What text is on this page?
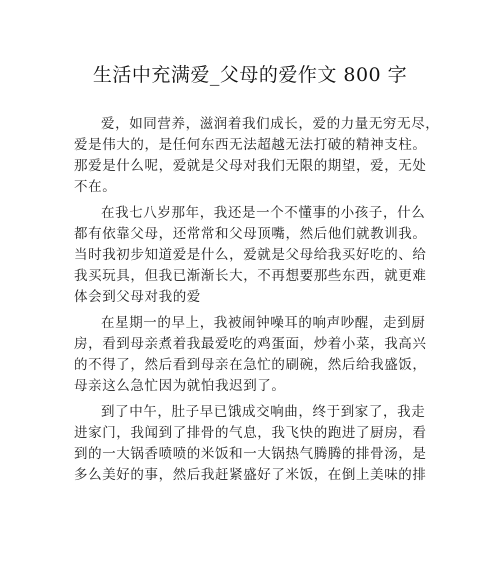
生活中充满爱_父母的爱作文 800 字
爱，如同营养，滋润着我们成长，爱的力量无穷无尽，
爱是伟大的，是任何东西无法超越无法打破的精神支柱。
那爱是什么呢，爱就是父母对我们无限的期望，爱，无处
不在。
在我七八岁那年，我还是一个不懂事的小孩子，什么
都有依靠父母，还常常和父母顶嘴，然后他们就教训我。
当时我初步知道爱是什么，爱就是父母给我买好吃的、给
我买玩具，但我已渐渐长大，不再想要那些东西，就更难
体会到父母对我的爱
在星期一的早上，我被闹钟噪耳的响声吵醒，走到厨
房，看到母亲煮着我最爱吃的鸡蛋面，炒着小菜，我高兴
的不得了，然后看到母亲在急忙的刷碗，然后给我盛饭，
母亲这么急忙因为就怕我迟到了。
到了中午，肚子早已饿成交响曲，终于到家了，我走
进家门，我闻到了排骨的气息，我飞快的跑进了厨房，看
到的一大锅香喷喷的米饭和一大锅热气腾腾的排骨汤，是
多么美好的事，然后我赶紧盛好了米饭，在倒上美味的排
